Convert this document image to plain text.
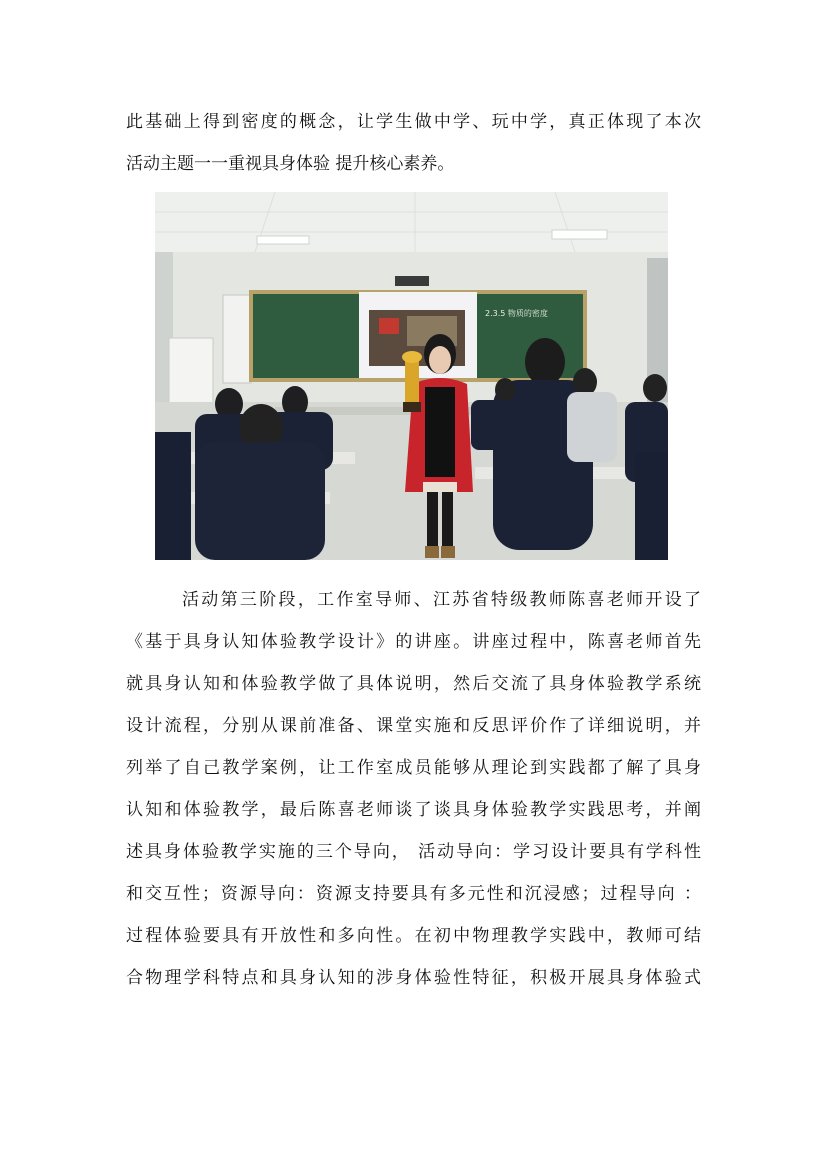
此基础上得到密度的概念，让学生做中学、玩中学，真正体现了本次
活动主题一一重视具身体验 提升核心素养。
2.3.5 物质的密度
活动第三阶段，工作室导师、江苏省特级教师陈喜老师开设了
《基于具身认知体验教学设计》的讲座。讲座过程中，陈喜老师首先
就具身认知和体验教学做了具体说明，然后交流了具身体验教学系统
设计流程，分别从课前准备、课堂实施和反思评价作了详细说明，并
列举了自己教学案例，让工作室成员能够从理论到实践都了解了具身
认知和体验教学，最后陈喜老师谈了谈具身体验教学实践思考，并阐
述具身体验教学实施的三个导向， 活动导向：学习设计要具有学科性
和交互性；资源导向：资源支持要具有多元性和沉浸感；过程导向 ：
过程体验要具有开放性和多向性。在初中物理教学实践中，教师可结
合物理学科特点和具身认知的涉身体验性特征，积极开展具身体验式
